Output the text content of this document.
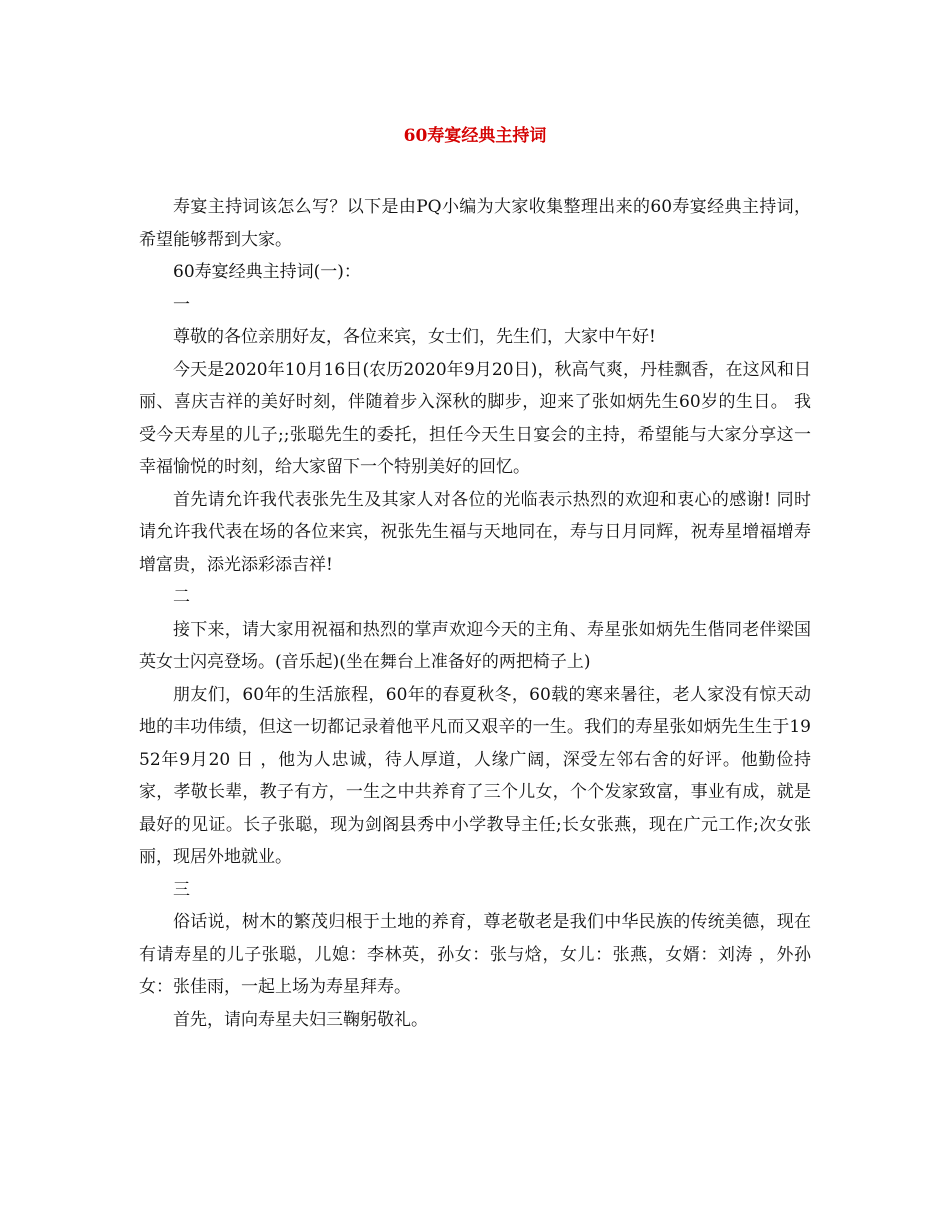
60寿宴经典主持词

寿宴主持词该怎么写？以下是由PQ小编为大家收集整理出来的60寿宴经典主持词，希望能够帮到大家。

60寿宴经典主持词(一)：

一

尊敬的各位亲朋好友，各位来宾，女士们，先生们，大家中午好!

今天是2020年10月16日(农历2020年9月20日)，秋高气爽，丹桂飘香，在这风和日丽、喜庆吉祥的美好时刻，伴随着步入深秋的脚步，迎来了张如炳先生60岁的生日。 我受今天寿星的儿子;;张聪先生的委托，担任今天生日宴会的主持，希望能与大家分享这一幸福愉悦的时刻，给大家留下一个特别美好的回忆。

首先请允许我代表张先生及其家人对各位的光临表示热烈的欢迎和衷心的感谢! 同时请允许我代表在场的各位来宾，祝张先生福与天地同在，寿与日月同辉，祝寿星增福增寿增富贵，添光添彩添吉祥!

二

接下来，请大家用祝福和热烈的掌声欢迎今天的主角、寿星张如炳先生偕同老伴梁国英女士闪亮登场。(音乐起)(坐在舞台上准备好的两把椅子上)

朋友们，60年的生活旅程，60年的春夏秋冬，60载的寒来暑往，老人家没有惊天动地的丰功伟绩，但这一切都记录着他平凡而又艰辛的一生。我们的寿星张如炳先生生于1952年9月20 日 ，他为人忠诚，待人厚道，人缘广阔，深受左邻右舍的好评。他勤俭持家，孝敬长辈，教子有方，一生之中共养育了三个儿女，个个发家致富，事业有成，就是最好的见证。长子张聪，现为剑阁县秀中小学教导主任;长女张燕，现在广元工作;次女张丽，现居外地就业。

三

俗话说，树木的繁茂归根于土地的养育，尊老敬老是我们中华民族的传统美德，现在有请寿星的儿子张聪，儿媳：李林英，孙女：张与焓，女儿：张燕，女婿：刘涛 ，外孙女：张佳雨，一起上场为寿星拜寿。

首先，请向寿星夫妇三鞠躬敬礼。
